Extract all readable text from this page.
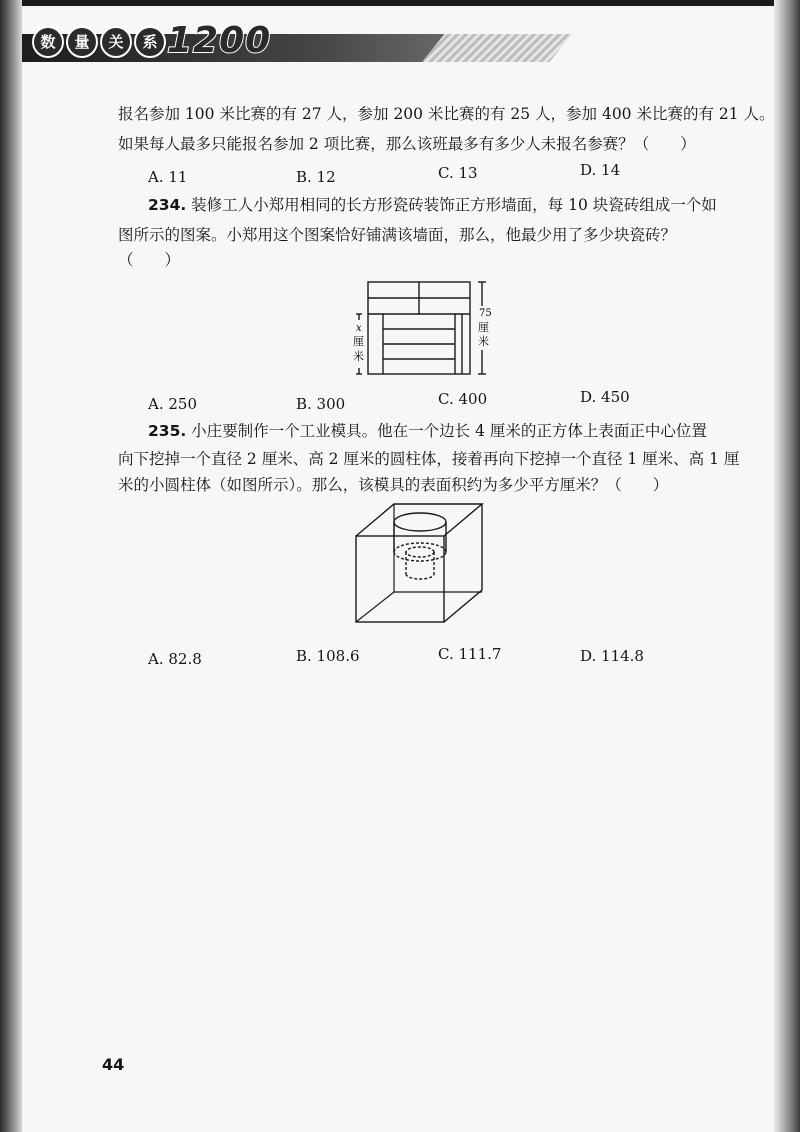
数	量	关	系 1200
报名参加 100 米比赛的有 27 人，参加 200 米比赛的有 25 人，参加 400 米比赛的有 21 人。
如果每人最多只能报名参加 2 项比赛，那么该班最多有多少人未报名参赛？（　　）
A. 11	B. 12	C. 13	D. 14
234. 装修工人小郑用相同的长方形瓷砖装饰正方形墙面，每 10 块瓷砖组成一个如
图所示的图案。小郑用这个图案恰好铺满该墙面，那么，他最少用了多少块瓷砖？
（　　）
75
厘
米
x
厘
米
A. 250	B. 300	C. 400	D. 450
235. 小庄要制作一个工业模具。他在一个边长 4 厘米的正方体上表面正中心位置
向下挖掉一个直径 2 厘米、高 2 厘米的圆柱体，接着再向下挖掉一个直径 1 厘米、高 1 厘
米的小圆柱体（如图所示）。那么，该模具的表面积约为多少平方厘米？（　　）
A. 82.8	B. 108.6	C. 111.7	D. 114.8
44
